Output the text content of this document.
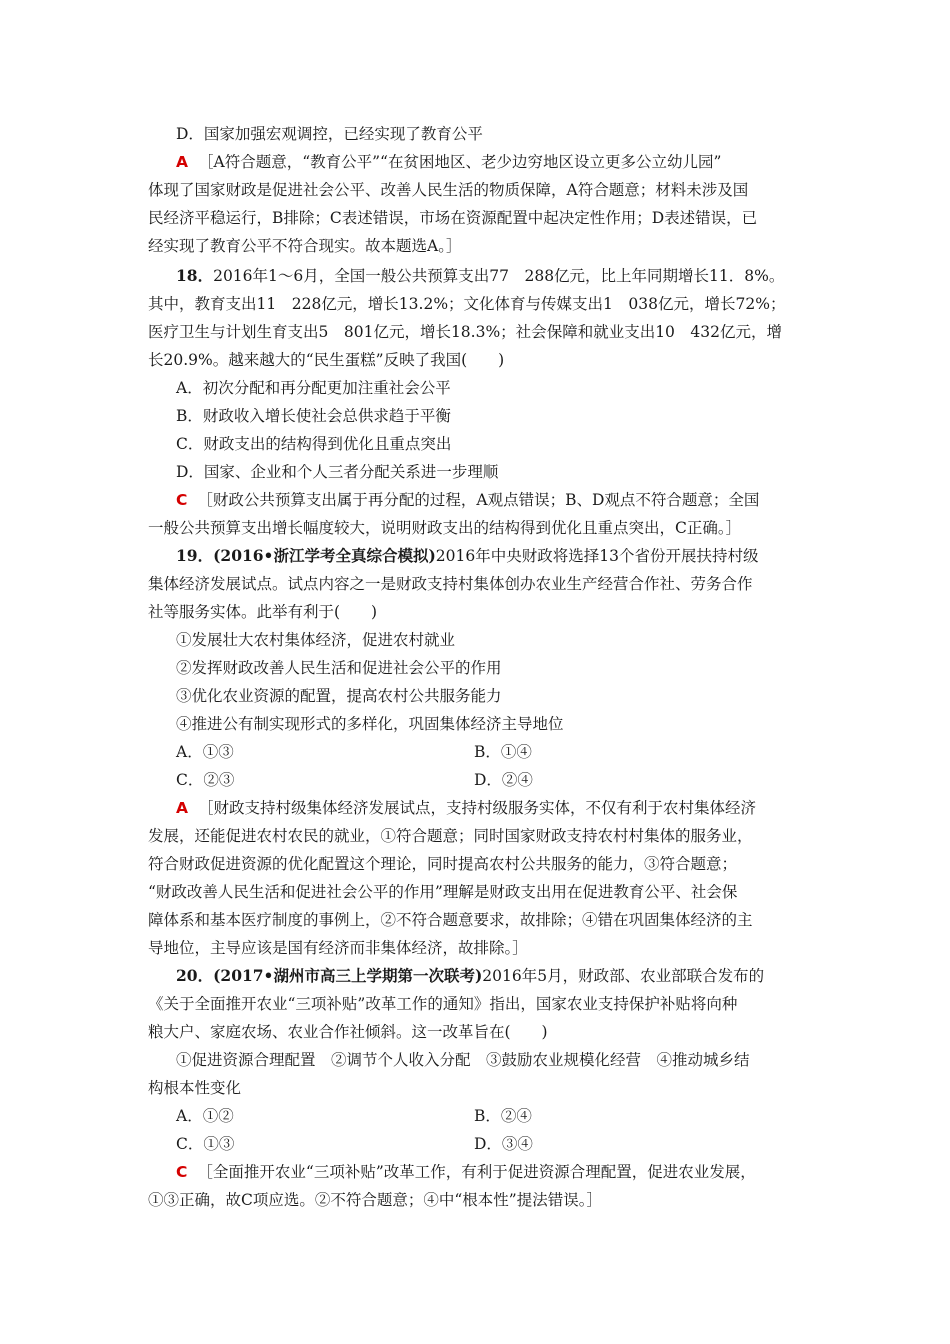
D．国家加强宏观调控，已经实现了教育公平
A ［A符合题意，“教育公平”“在贫困地区、老少边穷地区设立更多公立幼儿园”
体现了国家财政是促进社会公平、改善人民生活的物质保障，A符合题意；材料未涉及国
民经济平稳运行，B排除；C表述错误，市场在资源配置中起决定性作用；D表述错误，已
经实现了教育公平不符合现实。故本题选A。］
18．2016年1～6月，全国一般公共预算支出77　288亿元，比上年同期增长11．8%。
其中，教育支出11　228亿元，增长13.2%；文化体育与传媒支出1　038亿元，增长72%；
医疗卫生与计划生育支出5　801亿元，增长18.3%；社会保障和就业支出10　432亿元，增
长20.9%。越来越大的“民生蛋糕”反映了我国(　　)
A．初次分配和再分配更加注重社会公平
B．财政收入增长使社会总供求趋于平衡
C．财政支出的结构得到优化且重点突出
D．国家、企业和个人三者分配关系进一步理顺
C ［财政公共预算支出属于再分配的过程，A观点错误；B、D观点不符合题意；全国
一般公共预算支出增长幅度较大，说明财政支出的结构得到优化且重点突出，C正确。］
19．(2016•浙江学考全真综合模拟)2016年中央财政将选择13个省份开展扶持村级
集体经济发展试点。试点内容之一是财政支持村集体创办农业生产经营合作社、劳务合作
社等服务实体。此举有利于(　　)
①发展壮大农村集体经济，促进农村就业
②发挥财政改善人民生活和促进社会公平的作用
③优化农业资源的配置，提高农村公共服务能力
④推进公有制实现形式的多样化，巩固集体经济主导地位
A．①③	B．①④
C．②③	D．②④
A ［财政支持村级集体经济发展试点，支持村级服务实体，不仅有利于农村集体经济
发展，还能促进农村农民的就业，①符合题意；同时国家财政支持农村村集体的服务业，
符合财政促进资源的优化配置这个理论，同时提高农村公共服务的能力，③符合题意；
“财政改善人民生活和促进社会公平的作用”理解是财政支出用在促进教育公平、社会保
障体系和基本医疗制度的事例上，②不符合题意要求，故排除；④错在巩固集体经济的主
导地位，主导应该是国有经济而非集体经济，故排除。］
20．(2017•湖州市高三上学期第一次联考)2016年5月，财政部、农业部联合发布的
《关于全面推开农业“三项补贴”改革工作的通知》指出，国家农业支持保护补贴将向种
粮大户、家庭农场、农业合作社倾斜。这一改革旨在(　　)
①促进资源合理配置　②调节个人收入分配　③鼓励农业规模化经营　④推动城乡结
构根本性变化
A．①②	B．②④
C．①③	D．③④
C ［全面推开农业“三项补贴”改革工作，有利于促进资源合理配置，促进农业发展，
①③正确，故C项应选。②不符合题意；④中“根本性”提法错误。］
